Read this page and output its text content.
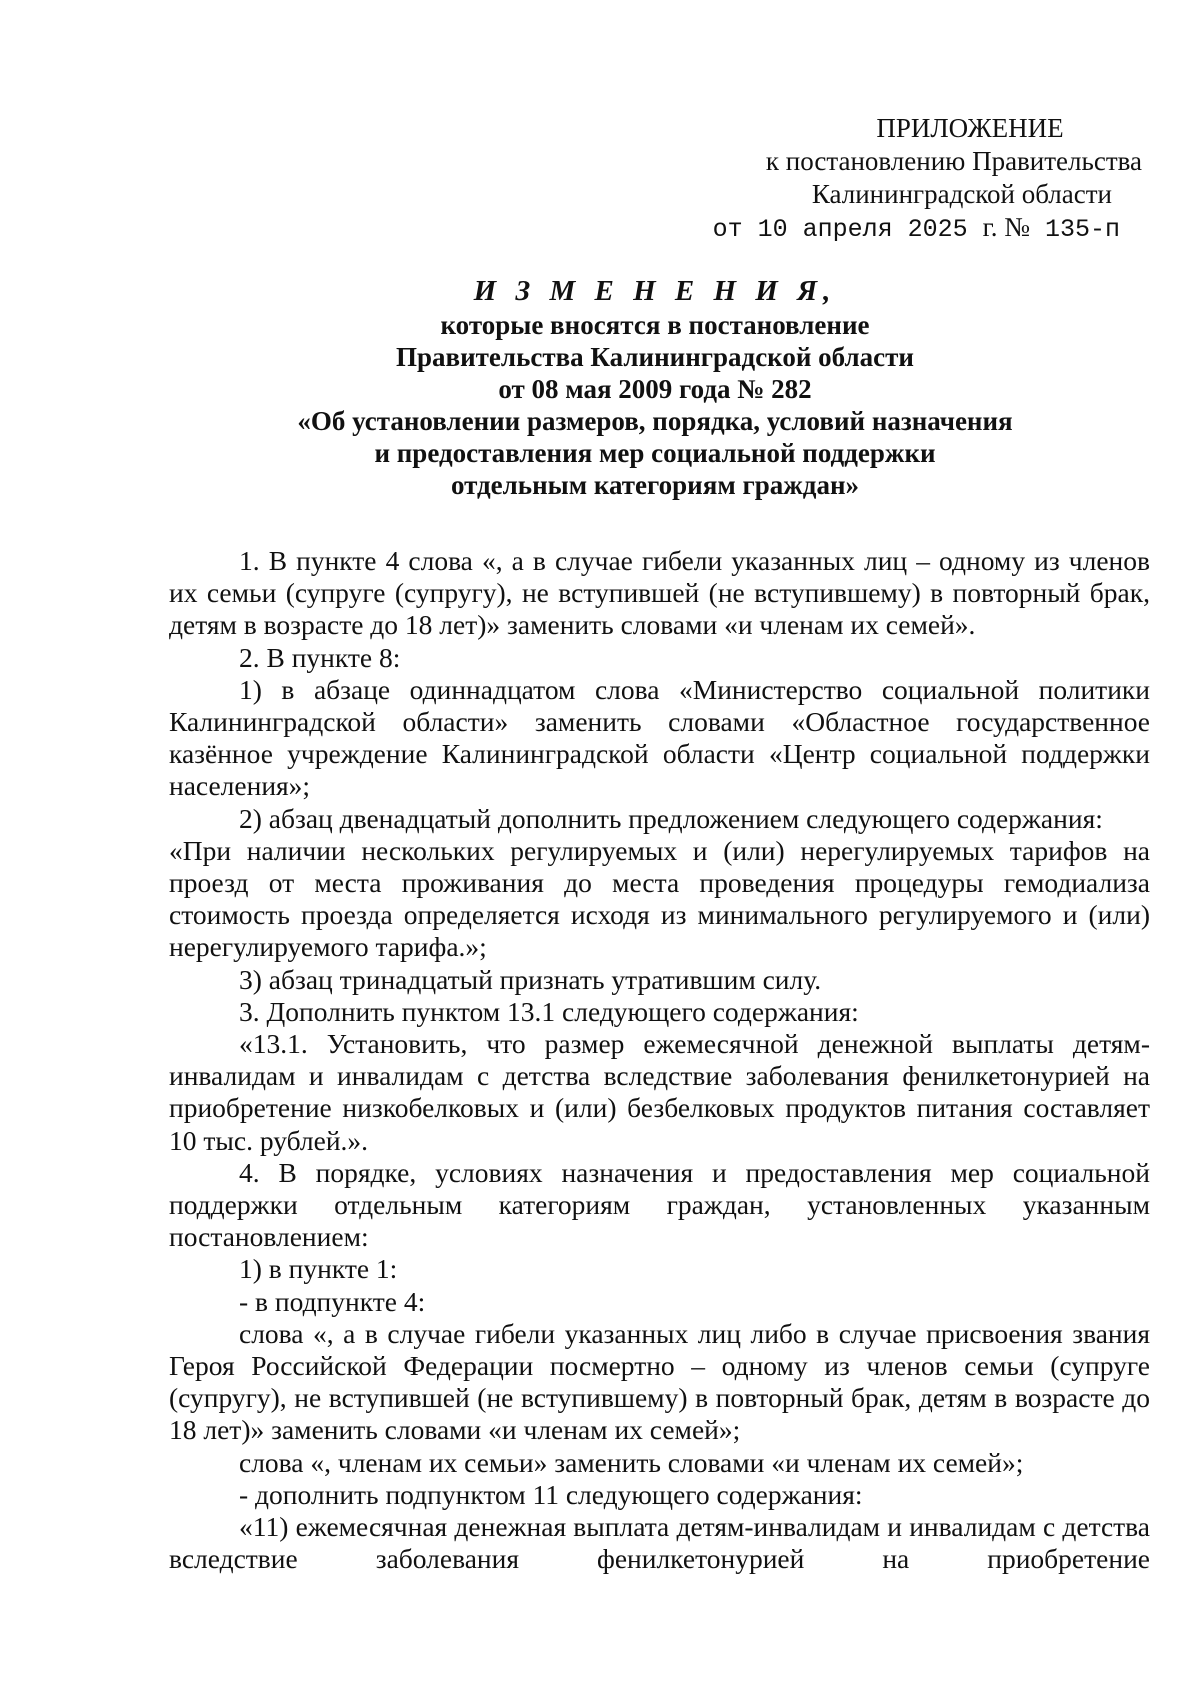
ПРИЛОЖЕНИЕ
к постановлению Правительства
Калининградской области
от 10 апреля 2025 г. № 135-п
И З М Е Н Е Н И Я,
которые вносятся в постановление
Правительства Калининградской области
от 08 мая 2009 года № 282
«Об установлении размеров, порядка, условий назначения
и предоставления мер социальной поддержки
отдельным категориям граждан»

1. В пункте 4 слова «, а в случае гибели указанных лиц – одному из членов их семьи (супруге (супругу), не вступившей (не вступившему) в повторный брак, детям в возрасте до 18 лет)» заменить словами «и членам их семей».

2. В пункте 8:

1) в абзаце одиннадцатом слова «Министерство социальной политики Калининградской области» заменить словами «Областное государственное казённое учреждение Калининградской области «Центр социальной поддержки населения»;

2) абзац двенадцатый дополнить предложением следующего содержания:

«При наличии нескольких регулируемых и (или) нерегулируемых тарифов на проезд от места проживания до места проведения процедуры гемодиализа стоимость проезда определяется исходя из минимального регулируемого и (или) нерегулируемого тарифа.»;

3) абзац тринадцатый признать утратившим силу.

3. Дополнить пунктом 13.1 следующего содержания:

«13.1. Установить, что размер ежемесячной денежной выплаты детям-инвалидам и инвалидам с детства вследствие заболевания фенилкетонурией на приобретение низкобелковых и (или) безбелковых продуктов питания составляет 10 тыс. рублей.».

4. В порядке, условиях назначения и предоставления мер социальной поддержки отдельным категориям граждан, установленных указанным постановлением:

1) в пункте 1:

- в подпункте 4:

слова «, а в случае гибели указанных лиц либо в случае присвоения звания Героя Российской Федерации посмертно – одному из членов семьи (супруге (супругу), не вступившей (не вступившему) в повторный брак, детям в возрасте до 18 лет)» заменить словами «и членам их семей»;

слова «, членам их семьи» заменить словами «и членам их семей»;

- дополнить подпунктом 11 следующего содержания:

«11) ежемесячная денежная выплата детям-инвалидам и инвалидам с детства вследствие заболевания фенилкетонурией на приобретение
